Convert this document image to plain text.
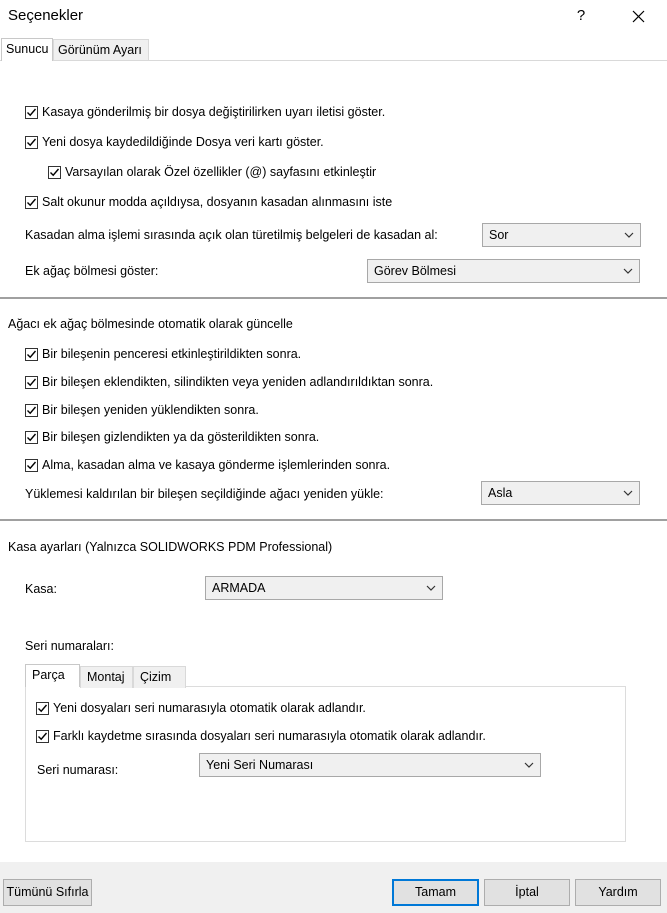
Seçenekler	?
Sunucu Görünüm Ayarı
Kasaya gönderilmiş bir dosya değiştirilirken uyarı iletisi göster.
Yeni dosya kaydedildiğinde Dosya veri kartı göster.
Varsayılan olarak Özel özellikler (@) sayfasını etkinleştir
Salt okunur modda açıldıysa, dosyanın kasadan alınmasını iste
Kasadan alma işlemi sırasında açık olan türetilmiş belgeleri de kasadan al:	Sor
Ek ağaç bölmesi göster:	Görev Bölmesi
Ağacı ek ağaç bölmesinde otomatik olarak güncelle
Bir bileşenin penceresi etkinleştirildikten sonra.
Bir bileşen eklendikten, silindikten veya yeniden adlandırıldıktan sonra.
Bir bileşen yeniden yüklendikten sonra.
Bir bileşen gizlendikten ya da gösterildikten sonra.
Alma, kasadan alma ve kasaya gönderme işlemlerinden sonra.
Yüklemesi kaldırılan bir bileşen seçildiğinde ağacı yeniden yükle:	Asla
Kasa ayarları (Yalnızca SOLIDWORKS PDM Professional)
Kasa:	ARMADA
Seri numaraları:
Parça	Montaj	Çizim
Yeni dosyaları seri numarasıyla otomatik olarak adlandır.
Farklı kaydetme sırasında dosyaları seri numarasıyla otomatik olarak adlandır.
Seri numarası:	Yeni Seri Numarası
Tümünü Sıfırla	Tamam	İptal	Yardım
